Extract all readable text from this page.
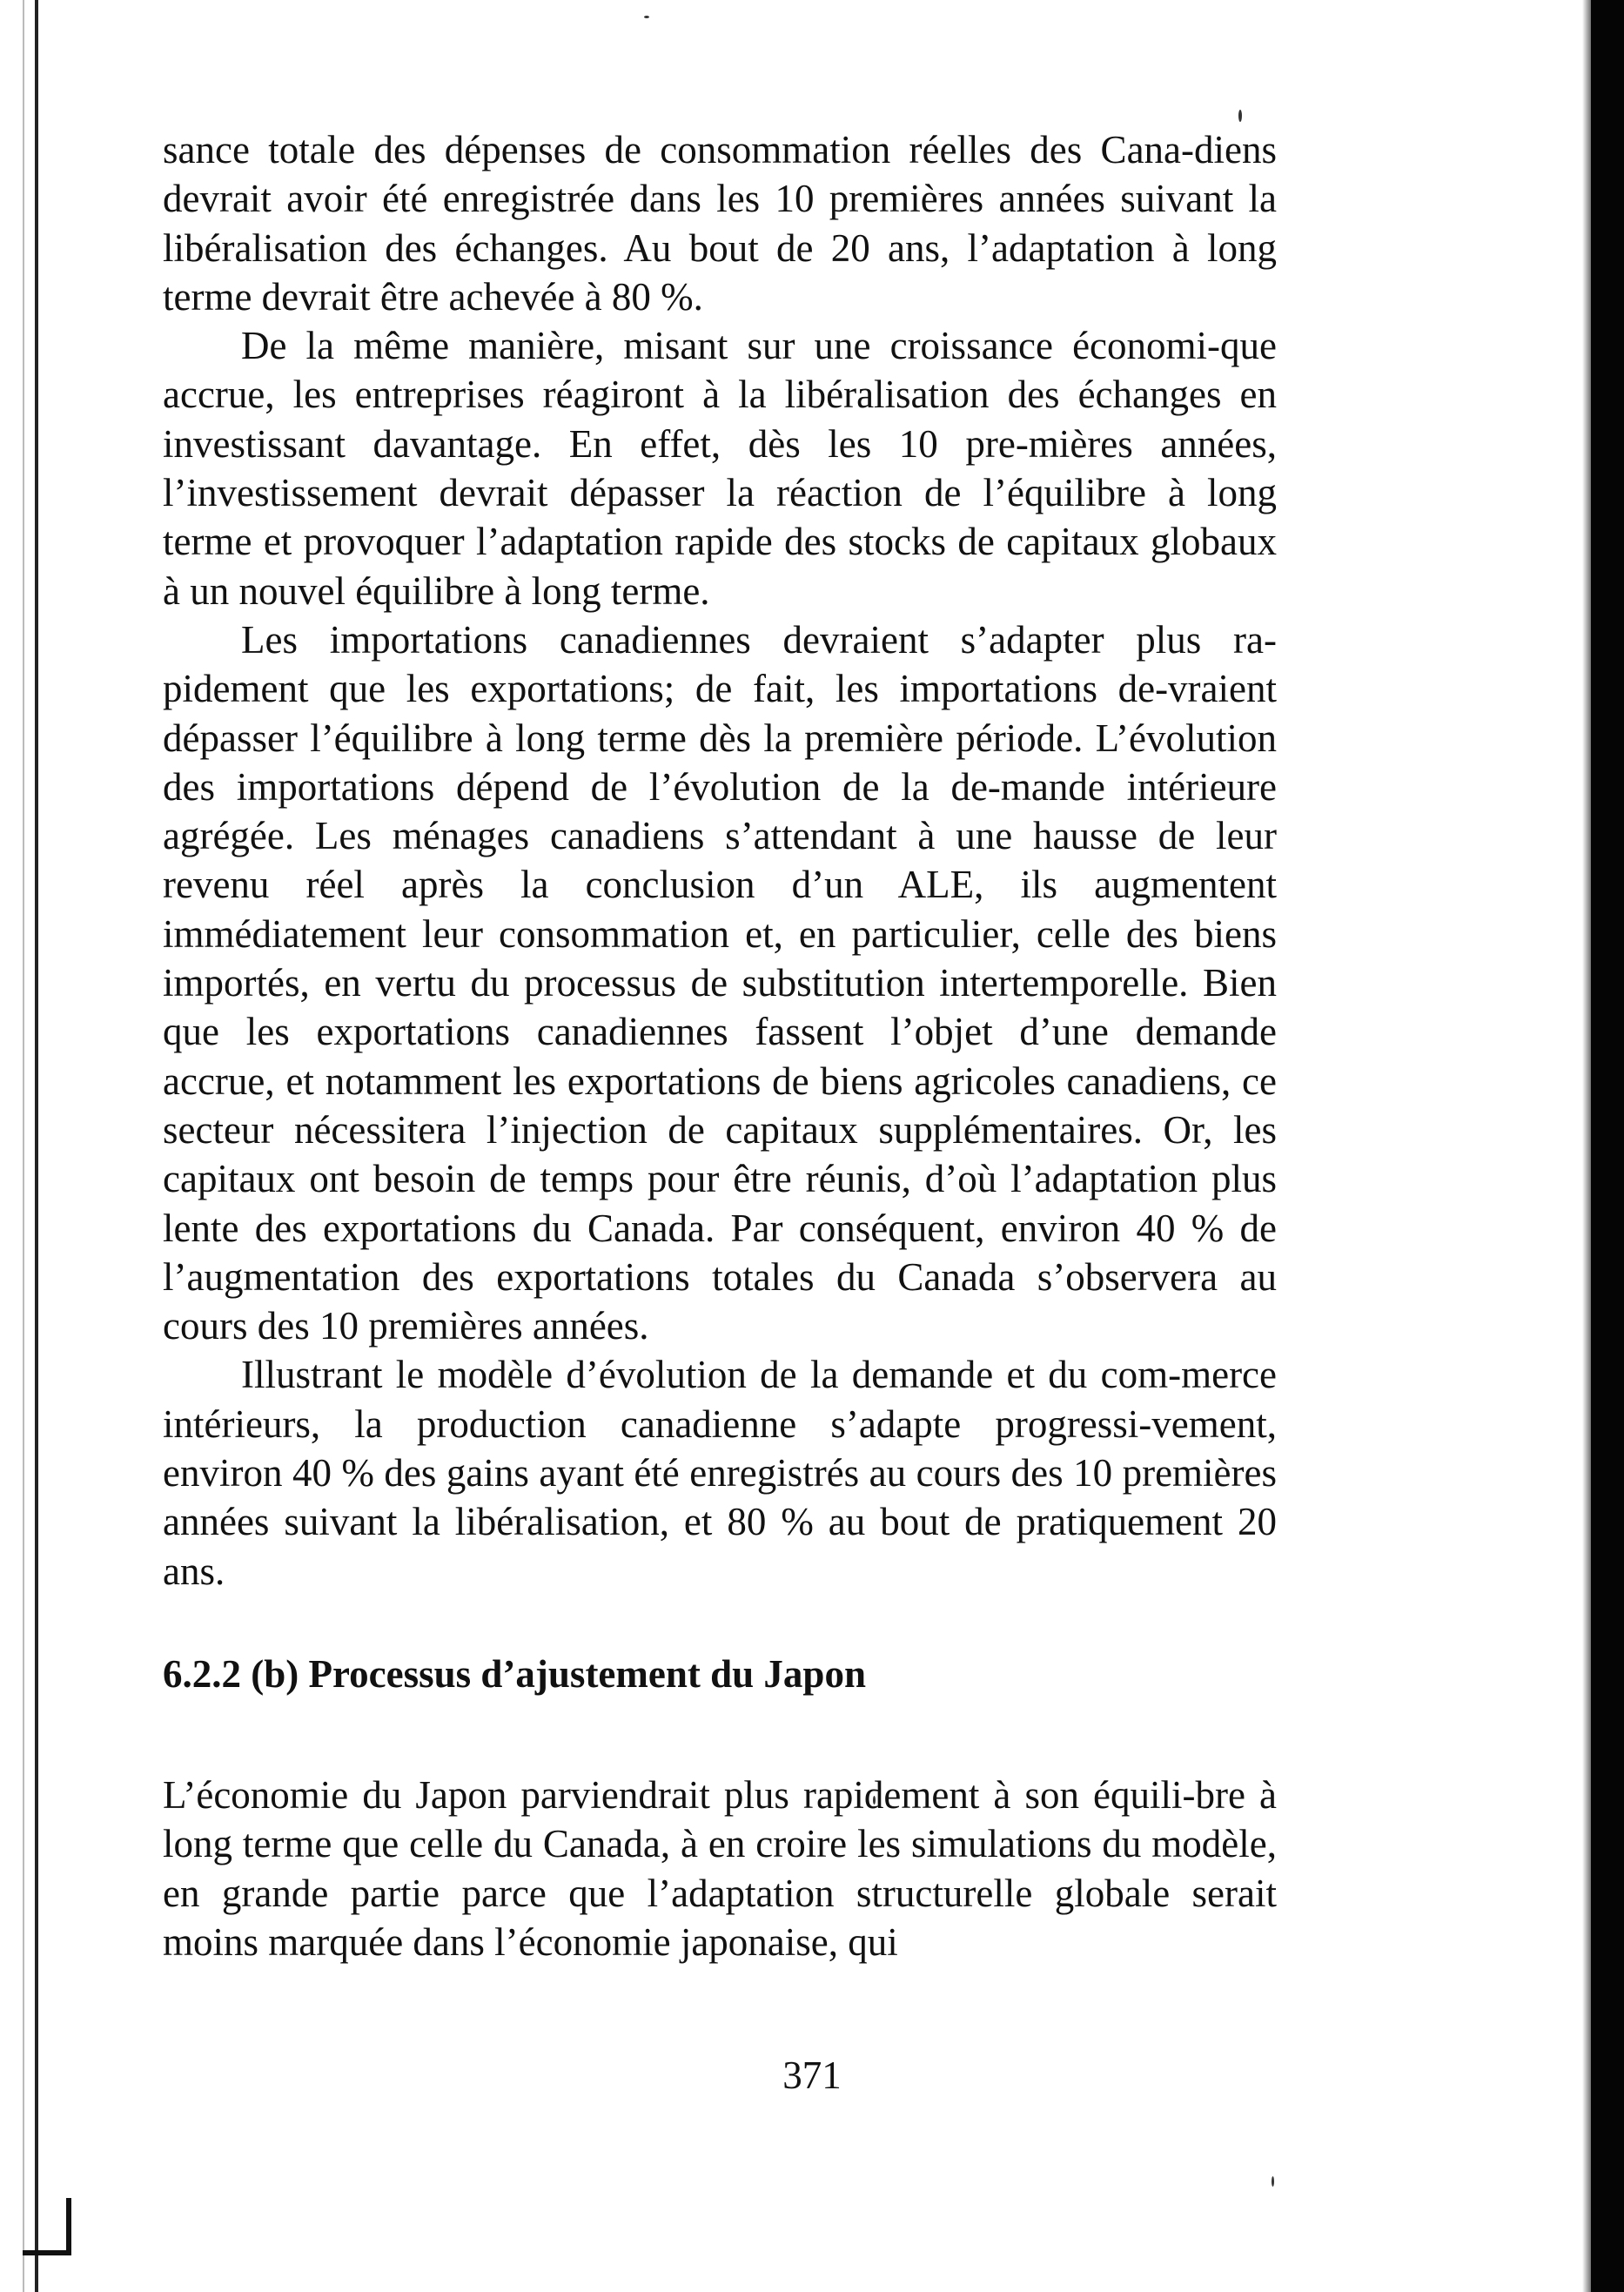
sance totale des dépenses de consommation réelles des Cana-diens devrait avoir été enregistrée dans les 10 premières années suivant la libéralisation des échanges. Au bout de 20 ans, l’adaptation à long terme devrait être achevée à 80 %.

De la même manière, misant sur une croissance économi-que accrue, les entreprises réagiront à la libéralisation des échanges en investissant davantage. En effet, dès les 10 pre-mières années, l’investissement devrait dépasser la réaction de l’équilibre à long terme et provoquer l’adaptation rapide des stocks de capitaux globaux à un nouvel équilibre à long terme.

Les importations canadiennes devraient s’adapter plus ra-pidement que les exportations; de fait, les importations de-vraient dépasser l’équilibre à long terme dès la première période. L’évolution des importations dépend de l’évolution de la de-mande intérieure agrégée. Les ménages canadiens s’attendant à une hausse de leur revenu réel après la conclusion d’un ALE, ils augmentent immédiatement leur consommation et, en particulier, celle des biens importés, en vertu du processus de substitution intertemporelle. Bien que les exportations canadiennes fassent l’objet d’une demande accrue, et notamment les exportations de biens agricoles canadiens, ce secteur nécessitera l’injection de capitaux supplémentaires. Or, les capitaux ont besoin de temps pour être réunis, d’où l’adaptation plus lente des exportations du Canada. Par conséquent, environ 40 % de l’augmentation des exportations totales du Canada s’observera au cours des 10 premières années.

Illustrant le modèle d’évolution de la demande et du com-merce intérieurs, la production canadienne s’adapte progressi-vement, environ 40 % des gains ayant été enregistrés au cours des 10 premières années suivant la libéralisation, et 80 % au bout de pratiquement 20 ans.

6.2.2 (b) Processus d’ajustement du Japon

L’économie du Japon parviendrait plus rapidement à son équili-bre à long terme que celle du Canada, à en croire les simulations du modèle, en grande partie parce que l’adaptation structurelle globale serait moins marquée dans l’économie japonaise, qui

371
